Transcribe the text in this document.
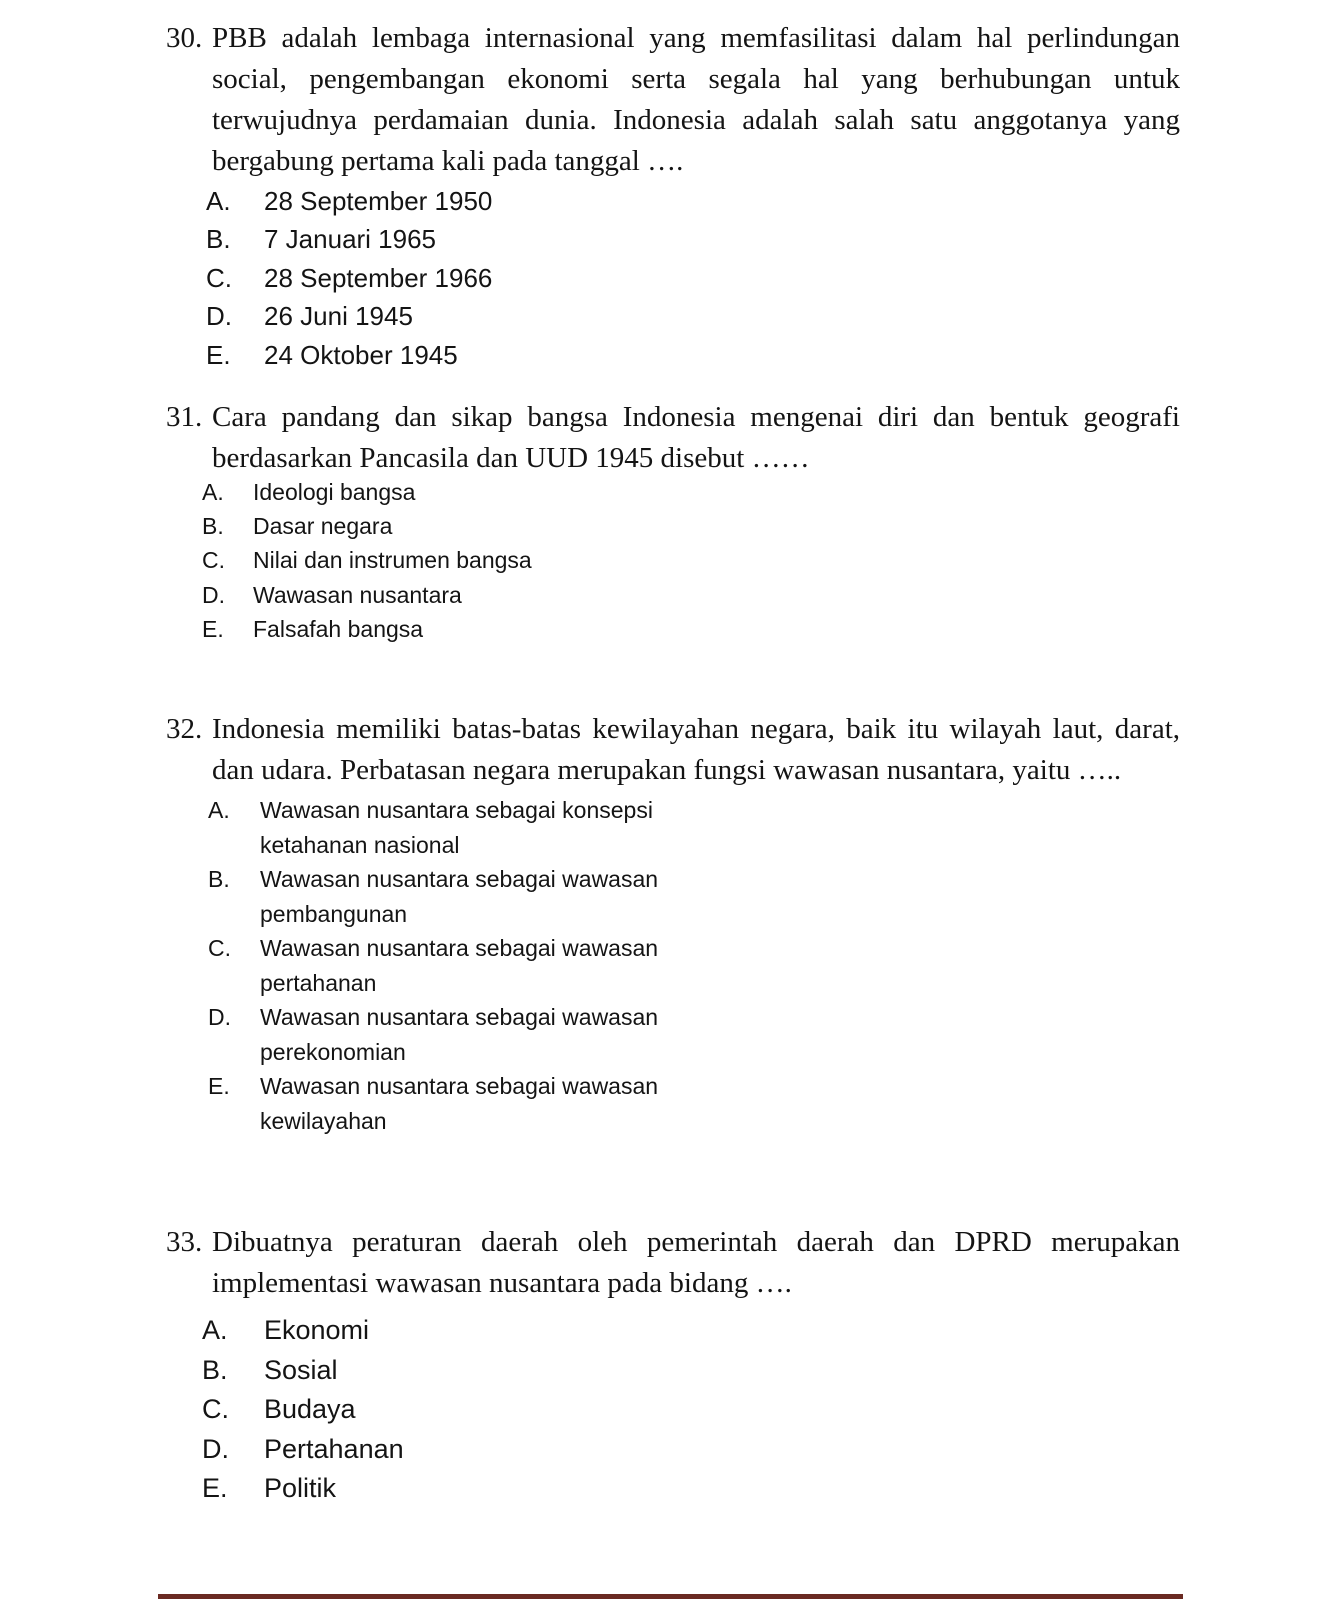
30. PBB adalah lembaga internasional yang memfasilitasi dalam hal perlindungan social, pengembangan ekonomi serta segala hal yang berhubungan untuk terwujudnya perdamaian dunia. Indonesia adalah salah satu anggotanya yang bergabung pertama kali pada tanggal ….
A.	28 September 1950
B.	7 Januari 1965
C.	28 September 1966
D.	26 Juni 1945
E.	24 Oktober 1945
31. Cara pandang dan sikap bangsa Indonesia mengenai diri dan bentuk geografi berdasarkan Pancasila dan UUD 1945 disebut ……
A.	Ideologi bangsa
B.	Dasar negara
C.	Nilai dan instrumen bangsa
D.	Wawasan nusantara
E.	Falsafah bangsa
32. Indonesia memiliki batas-batas kewilayahan negara, baik itu wilayah laut, darat, dan udara. Perbatasan negara merupakan fungsi wawasan nusantara, yaitu …..
A.	Wawasan nusantara sebagai konsepsi ketahanan nasional
B.	Wawasan nusantara sebagai wawasan pembangunan
C.	Wawasan nusantara sebagai wawasan pertahanan
D.	Wawasan nusantara sebagai wawasan perekonomian
E.	Wawasan nusantara sebagai wawasan kewilayahan
33. Dibuatnya peraturan daerah oleh pemerintah daerah dan DPRD merupakan implementasi wawasan nusantara pada bidang ….
A.	Ekonomi
B.	Sosial
C.	Budaya
D.	Pertahanan
E.	Politik
